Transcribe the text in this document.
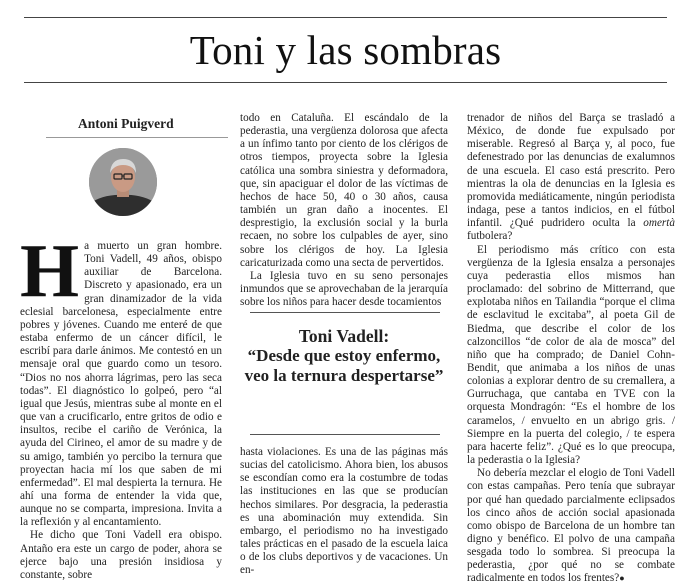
Toni y las sombras
Antoni Puigverd

Ha muerto un gran hombre. Toni Vadell, 49 años, obispo auxiliar de Barcelona. Discreto y apasionado, era un gran dinamizador de la vida eclesial barcelonesa, especialmente entre pobres y jóvenes. Cuando me enteré de que estaba enfermo de un cáncer difícil, le escribí para darle ánimos. Me contestó en un mensaje oral que guardo como un tesoro. “Dios no nos ahorra lágrimas, pero las seca todas”. El diagnóstico lo golpeó, pero “al igual que Jesús, mientras sube al monte en el que van a crucificarlo, entre gritos de odio e insultos, recibe el cariño de Verónica, la ayuda del Cirineo, el amor de su madre y de su amigo, también yo percibo la ternura que proyectan hacia mí los que saben de mi enfermedad”. El mal despierta la ternura. He ahí una forma de entender la vida que, aunque no se comparta, impresiona. Invita a la reflexión y al encantamiento.

He dicho que Toni Vadell era obispo. Antaño era este un cargo de poder, ahora se ejerce bajo una presión insidiosa y constante, sobre

todo en Cataluña. El escándalo de la pederastia, una vergüenza dolorosa que afecta a un ínfimo tanto por ciento de los clérigos de otros tiempos, proyecta sobre la Iglesia católica una sombra siniestra y deformadora, que, sin apaciguar el dolor de las víctimas de hechos de hace 50, 40 o 30 años, causa también un gran daño a inocentes. El desprestigio, la exclusión social y la burla recaen, no sobre los culpables de ayer, sino sobre los clérigos de hoy. La Iglesia caricaturizada como una secta de pervertidos.

La Iglesia tuvo en su seno personajes inmundos que se aprovechaban de la jerarquía sobre los niños para hacer desde tocamientos

Toni Vadell:
“Desde que estoy enfermo, veo la ternura despertarse”

hasta violaciones. Es una de las páginas más sucias del catolicismo. Ahora bien, los abusos se escondían como era la costumbre de todas las instituciones en las que se producían hechos similares. Por desgracia, la pederastia es una abominación muy extendida. Sin embargo, el periodismo no ha investigado tales prácticas en el pasado de la escuela laica o de los clubs deportivos y de vacaciones. Un en-

trenador de niños del Barça se trasladó a México, de donde fue expulsado por miserable. Regresó al Barça y, al poco, fue defenestrado por las denuncias de exalumnos de una escuela. El caso está prescrito. Pero mientras la ola de denuncias en la Iglesia es promovida mediáticamente, ningún periodista indaga, pese a tantos indicios, en el fútbol infantil. ¿Qué pudridero oculta la omertà futbolera?

El periodismo más crítico con esta vergüenza de la Iglesia ensalza a personajes cuya pederastia ellos mismos han proclamado: del sobrino de Mitterrand, que explotaba niños en Tailandia “porque el clima de esclavitud le excitaba”, al poeta Gil de Biedma, que describe el color de los calzoncillos “de color de ala de mosca” del niño que ha comprado; de Daniel Cohn-Bendit, que animaba a los niños de unas colonias a explorar dentro de su cremallera, a Gurruchaga, que cantaba en TVE con la orquesta Mondragón: “Es el hombre de los caramelos, / envuelto en un abrigo gris. / Siempre en la puerta del colegio, / te espera para hacerte feliz”. ¿Qué es lo que preocupa, la pederastia o la Iglesia?

No debería mezclar el elogio de Toni Vadell con estas campañas. Pero tenía que subrayar por qué han quedado parcialmente eclipsados los cinco años de acción social apasionada como obispo de Barcelona de un hombre tan digno y benéfico. El polvo de una campaña sesgada todo lo sombrea. Si preocupa la pederastia, ¿por qué no se combate radicalmente en todos los frentes?●
